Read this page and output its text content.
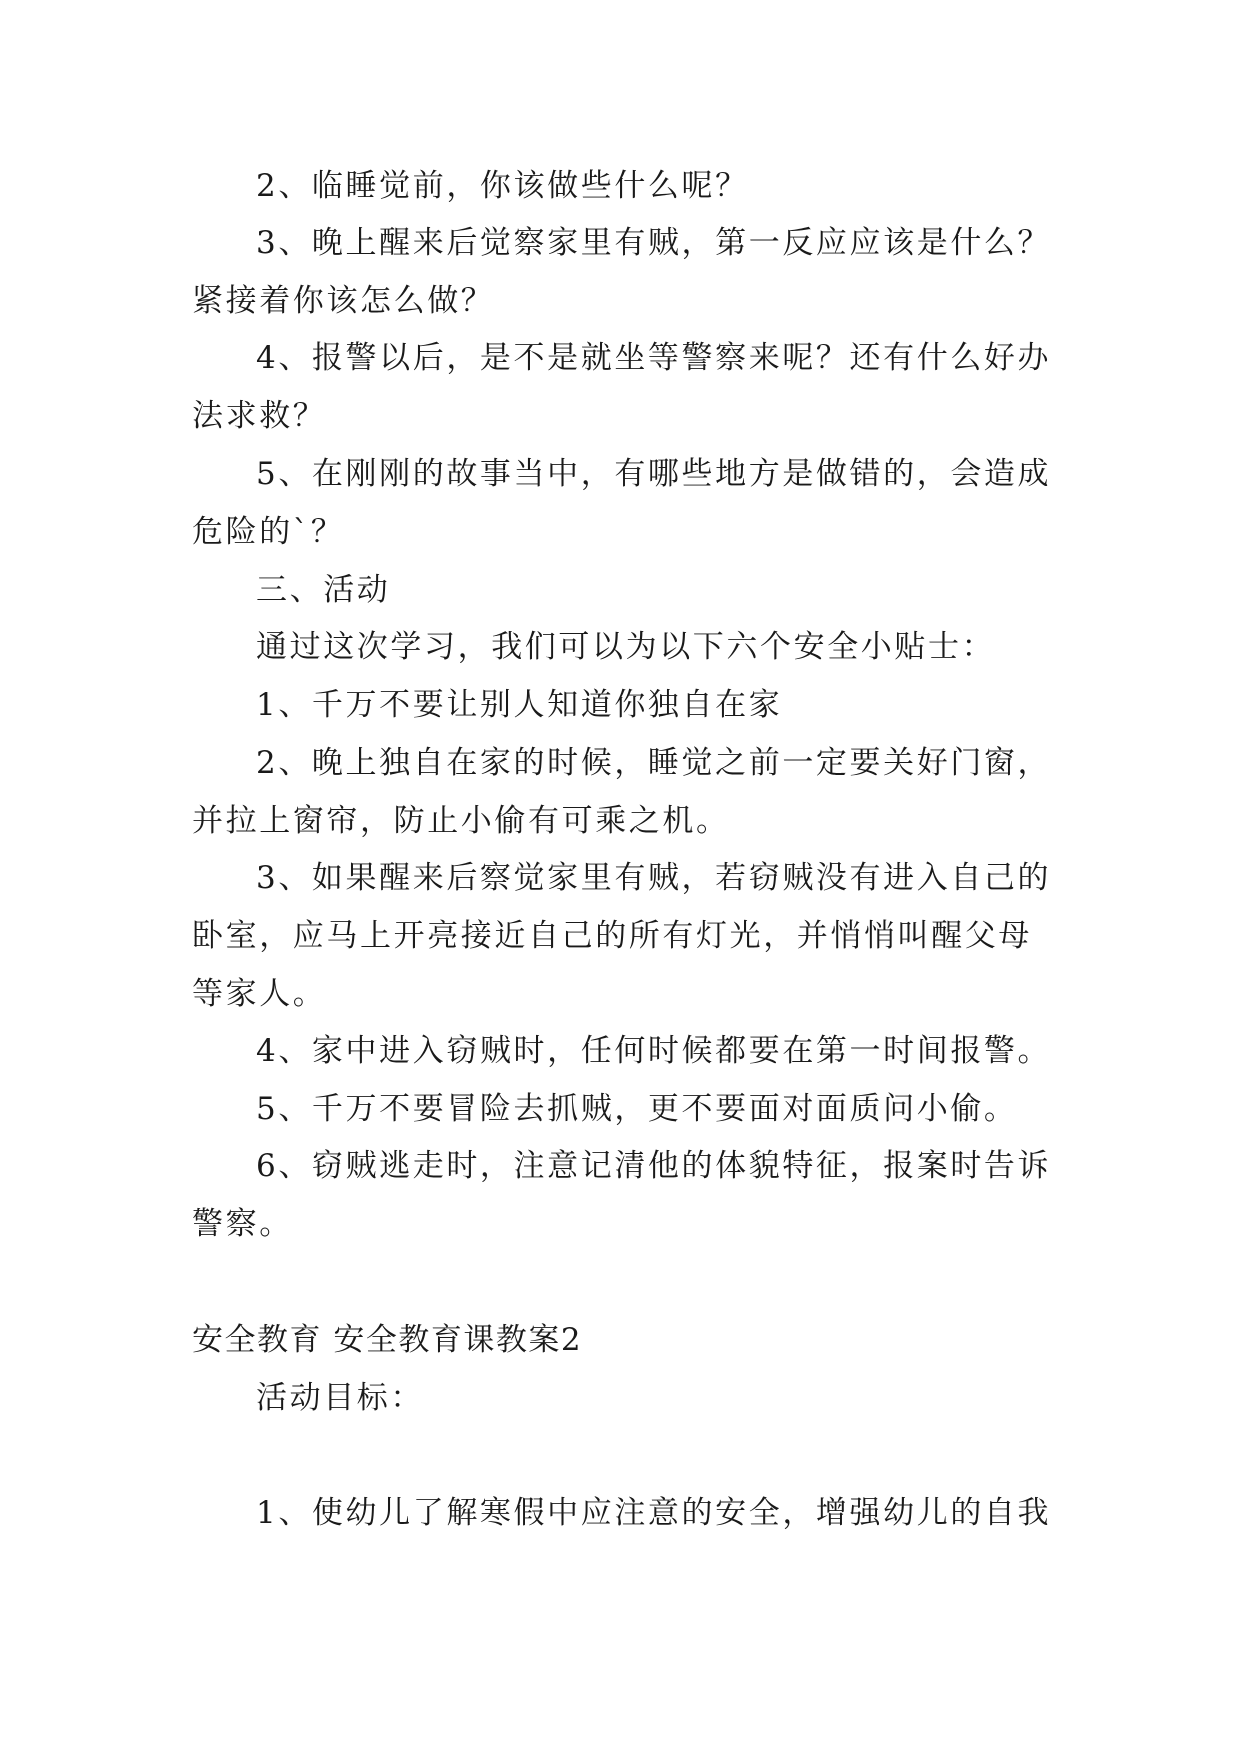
2、临睡觉前，你该做些什么呢？

3、晚上醒来后觉察家里有贼，第一反应应该是什么？紧接着你该怎么做？

4、报警以后，是不是就坐等警察来呢？还有什么好办法求救？

5、在刚刚的故事当中，有哪些地方是做错的，会造成危险的`？

三、活动

通过这次学习，我们可以为以下六个安全小贴士：

1、千万不要让别人知道你独自在家

2、晚上独自在家的时候，睡觉之前一定要关好门窗，并拉上窗帘，防止小偷有可乘之机。

3、如果醒来后察觉家里有贼，若窃贼没有进入自己的卧室，应马上开亮接近自己的所有灯光，并悄悄叫醒父母等家人。

4、家中进入窃贼时，任何时候都要在第一时间报警。

5、千万不要冒险去抓贼，更不要面对面质问小偷。

6、窃贼逃走时，注意记清他的体貌特征，报案时告诉警察。

安全教育 安全教育课教案2

活动目标：

1、使幼儿了解寒假中应注意的安全，增强幼儿的自我
